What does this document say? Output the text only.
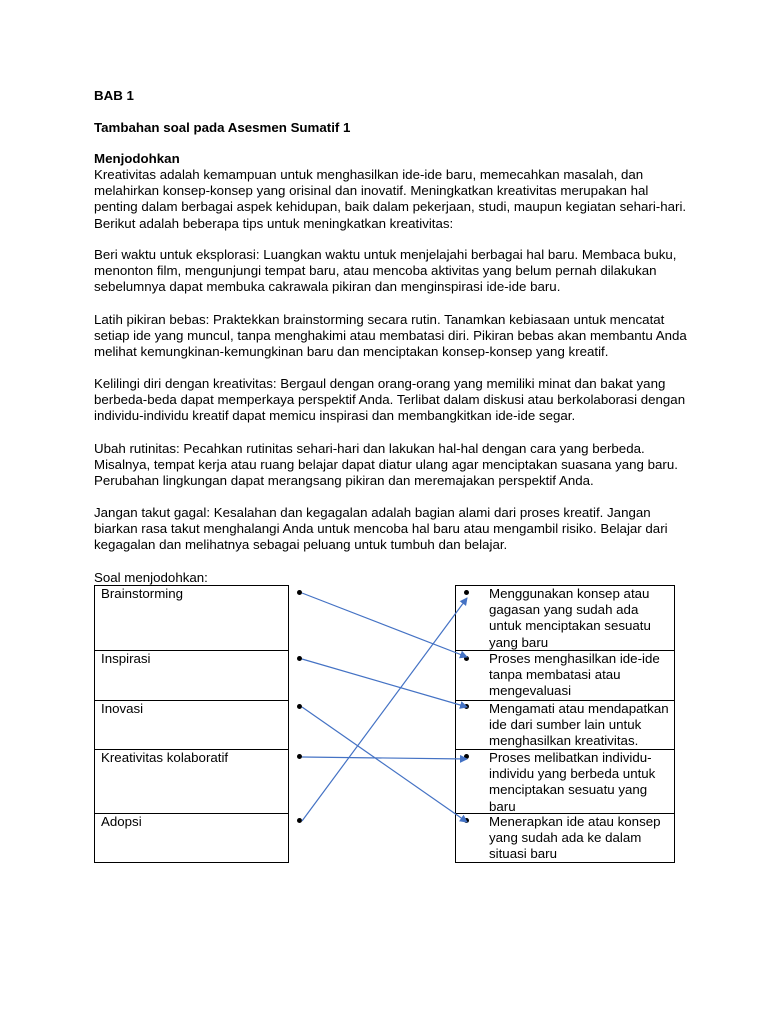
BAB 1
Tambahan soal pada Asesmen Sumatif 1
Menjodohkan
Kreativitas adalah kemampuan untuk menghasilkan ide-ide baru, memecahkan masalah, dan
melahirkan konsep-konsep yang orisinal dan inovatif. Meningkatkan kreativitas merupakan hal
penting dalam berbagai aspek kehidupan, baik dalam pekerjaan, studi, maupun kegiatan sehari-hari.
Berikut adalah beberapa tips untuk meningkatkan kreativitas:
Beri waktu untuk eksplorasi: Luangkan waktu untuk menjelajahi berbagai hal baru. Membaca buku,
menonton film, mengunjungi tempat baru, atau mencoba aktivitas yang belum pernah dilakukan
sebelumnya dapat membuka cakrawala pikiran dan menginspirasi ide-ide baru.
Latih pikiran bebas: Praktekkan brainstorming secara rutin. Tanamkan kebiasaan untuk mencatat
setiap ide yang muncul, tanpa menghakimi atau membatasi diri. Pikiran bebas akan membantu Anda
melihat kemungkinan-kemungkinan baru dan menciptakan konsep-konsep yang kreatif.
Kelilingi diri dengan kreativitas: Bergaul dengan orang-orang yang memiliki minat dan bakat yang
berbeda-beda dapat memperkaya perspektif Anda. Terlibat dalam diskusi atau berkolaborasi dengan
individu-individu kreatif dapat memicu inspirasi dan membangkitkan ide-ide segar.
Ubah rutinitas: Pecahkan rutinitas sehari-hari dan lakukan hal-hal dengan cara yang berbeda.
Misalnya, tempat kerja atau ruang belajar dapat diatur ulang agar menciptakan suasana yang baru.
Perubahan lingkungan dapat merangsang pikiran dan meremajakan perspektif Anda.
Jangan takut gagal: Kesalahan dan kegagalan adalah bagian alami dari proses kreatif. Jangan
biarkan rasa takut menghalangi Anda untuk mencoba hal baru atau mengambil risiko. Belajar dari
kegagalan dan melihatnya sebagai peluang untuk tumbuh dan belajar.
Soal menjodohkan:
Brainstorming
Inspirasi
Inovasi
Kreativitas kolaboratif
Adopsi
Menggunakan konsep atau gagasan yang sudah ada untuk menciptakan sesuatu yang baru
Proses menghasilkan ide-ide tanpa membatasi atau mengevaluasi
Mengamati atau mendapatkan ide dari sumber lain untuk menghasilkan kreativitas.
Proses melibatkan individu-individu yang berbeda untuk menciptakan sesuatu yang baru
Menerapkan ide atau konsep yang sudah ada ke dalam situasi baru
